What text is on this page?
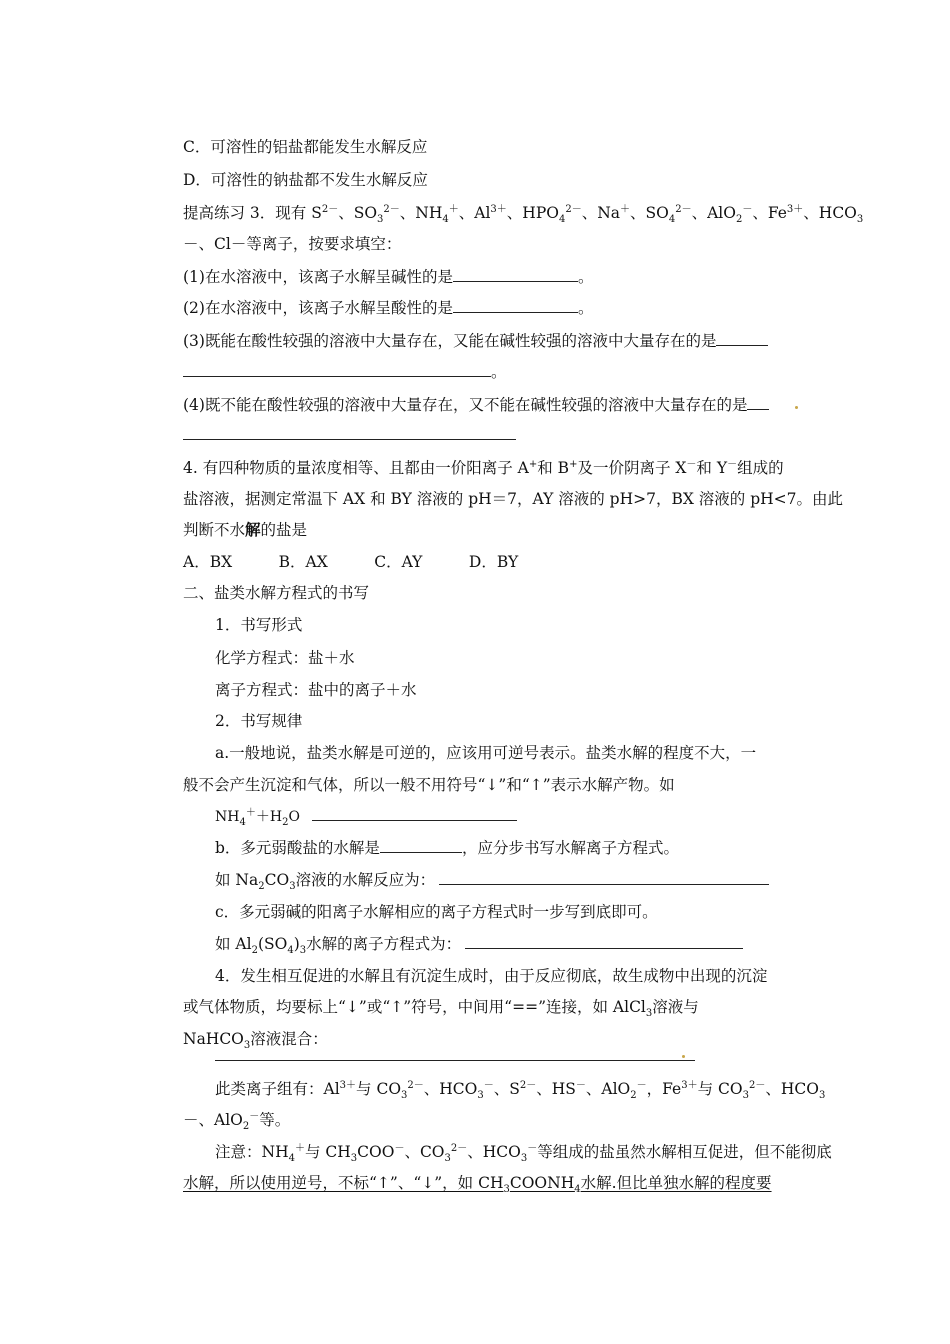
C．可溶性的铝盐都能发生水解反应
D．可溶性的钠盐都不发生水解反应
提高练习 3．现有 $S^{2-}$、$SO_3^{2-}$、$NH_4^+$、$Al^{3+}$、$HPO_4^{2-}$、Na＋、$SO_4^{2-}$、AlO$_2$－、$Fe^{3+}$、$HCO_3$
－、Cl－等离子，按要求填空：
(1)在水溶液中，该离子水解呈碱性的是	。
(2)在水溶液中，该离子水解呈酸性的是	。
(3)既能在酸性较强的溶液中大量存在，又能在碱性较强的溶液中大量存在的是
。
(4)既不能在酸性较强的溶液中大量存在，又不能在碱性较强的溶液中大量存在的是
4. 有四种物质的量浓度相等、且都由一价阳离子 A+和 B+及一价阴离子 X－和 Y－组成的
盐溶液，据测定常温下 AX 和 BY 溶液的 pH＝7，AY 溶液的 pH>7，BX 溶液的 pH<7。由此
判断不水解的盐是
A．BX　　　B．AX　　　C．AY　　　D．BY
二、盐类水解方程式的书写
1．书写形式
化学方程式：盐＋水
离子方程式：盐中的离子＋水
2．书写规律
a.一般地说，盐类水解是可逆的，应该用可逆号表示。盐类水解的程度不大，一
般不会产生沉淀和气体，所以一般不用符号“↓”和“↑”表示水解产物。如
$NH_4^++H_2O$
b．多元弱酸盐的水解是	，应分步书写水解离子方程式。
如 $Na_2CO_3$溶液的水解反应为：
c．多元弱碱的阳离子水解相应的离子方程式时一步写到底即可。
如 $Al_2(SO_4)_3$水解的离子方程式为：
4．发生相互促进的水解且有沉淀生成时，由于反应彻底，故生成物中出现的沉淀
或气体物质，均要标上“↓”或“↑”符号，中间用“==”连接，如 AlCl$_3$溶液与
NaHCO$_3$溶液混合：
此类离子组有：$Al^{3+}$与 $CO_3^{2-}$、$HCO_3^-$、$S^{2-}$、HS－、AlO$_2$－，$Fe^{3+}$与 $CO_3^{2-}$、$HCO_3$
－、AlO$_2$－等。
注意：$NH_4^+$与 $CH_3COO^-$、$CO_3^{2-}$、$HCO_3^-$等组成的盐虽然水解相互促进，但不能彻底
水解，所以使用逆号，不标“↑”、“↓”，如 $CH_3COONH_4$水解.但比单独水解的程度要
